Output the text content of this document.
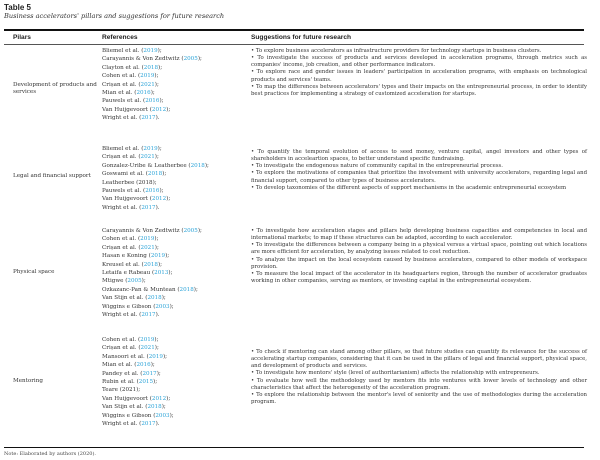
Table 5
Business accelerators' pillars and suggestions for future research
Pilars	References	Suggestions for future research
Development of products and services
Bliemel et al. (2019);
Carayannis & Von Zedtwitz (2005);
Clayton et al. (2018);
Cohen et al. (2019);
Crișan et al. (2021);
Mian et al. (2016);
Pauwels et al. (2016);
Van Huijgevoort (2012);
Wright et al. (2017).

• To explore business accelerators as infrastructure providers for technology startups in business clusters.

• To investigate the success of products and services developed in acceleration programs, through metrics such as companies' income, job creation, and other performance indicators.

• To explore race and gender issues in leaders' participation in acceleration programs, with emphasis on technological products and services' teams.

• To map the differences between accelerators' types and their impacts on the entrepreneurial process, in order to identify best practices for implementing a strategy of customized acceleration for startups.

Legal and financial support
Bliemel et al. (2019);
Crișan et al. (2021);
Gonzalez-Uribe & Leatherbee (2018);
Goswami et al. (2018);
Leatherbee (2018);
Pauwels et al. (2016);
Van Huijgevoort (2012);
Wright et al. (2017).

• To quantify the temporal evolution of access to seed money, venture capital, angel investors and other types of shareholders in acceleartion spaces, to better understand specific fundraising.

• To investigate the endogenous nature of community capital in the entrepreneurial process.

• To explore the motivations of companies that prioritize the involvement with university accelerators, regarding legal and financial support, compared to other types of business accelerators.

• To develop taxonomies of the different aspects of support mechanisms in the academic entrepreneurial ecosystem

Physical space
Carayannis & Von Zedtwitz (2005);
Cohen et al. (2019);
Crișan et al. (2021);
Hasan e Koning (2019);
Kreusel et al. (2018);
Letaifa e Rabeau (2013);
Mtigwe (2005);
Ozkazanc-Pan & Muntean (2018);
Van Stijn et al. (2018);
Wiggins e Gibson (2003);
Wright et al. (2017).

• To investigate how acceleration stages and pillars help developing business capacities and competencies in local and international markets; to map if these structures can be adapted, according to each accelerator.

• To investigate the differences between a company being in a physical versus a virtual space, pointing out which locations are more efficient for acceleration, by analyzing issues related to cost reduction.

• To analyze the impact on the local ecosystem caused by business accelerators, compared to other models of workspace provision.

• To measure the local impact of the accelerator in its headquarters region, through the number of accelerator graduates working in other companies, serving as mentors, or investing capital in the entrepreneurial ecosystem.

Mentoring
Cohen et al. (2019);
Crișan et al. (2021);
Mansoori et al. (2019);
Mian et al. (2016);
Pandey et al. (2017);
Rubin et al. (2015);
Teare (2021);
Van Huijgevoort (2012);
Van Stijn et al. (2018);
Wiggins e Gibson (2003);
Wright et al. (2017).

• To check if mentoring can stand among other pillars, so that future studies can quantify its relevance for the success of accelerating startup companies, considering that it can be used in the pillars of legal and financial support, physical space, and development of products and services.

• To investigate how mentors' style (level of authoritarianism) affects the relationship with entrepreneurs.

• To evaluate how well the methodology used by mentors fits into ventures with lower levels of technology and other characteristics that affect the heterogeneity of the acceleration program.

• To explore the relationship between the mentor's level of seniority and the use of methodologies during the acceleration program.

Note: Elaborated by authors (2020).
